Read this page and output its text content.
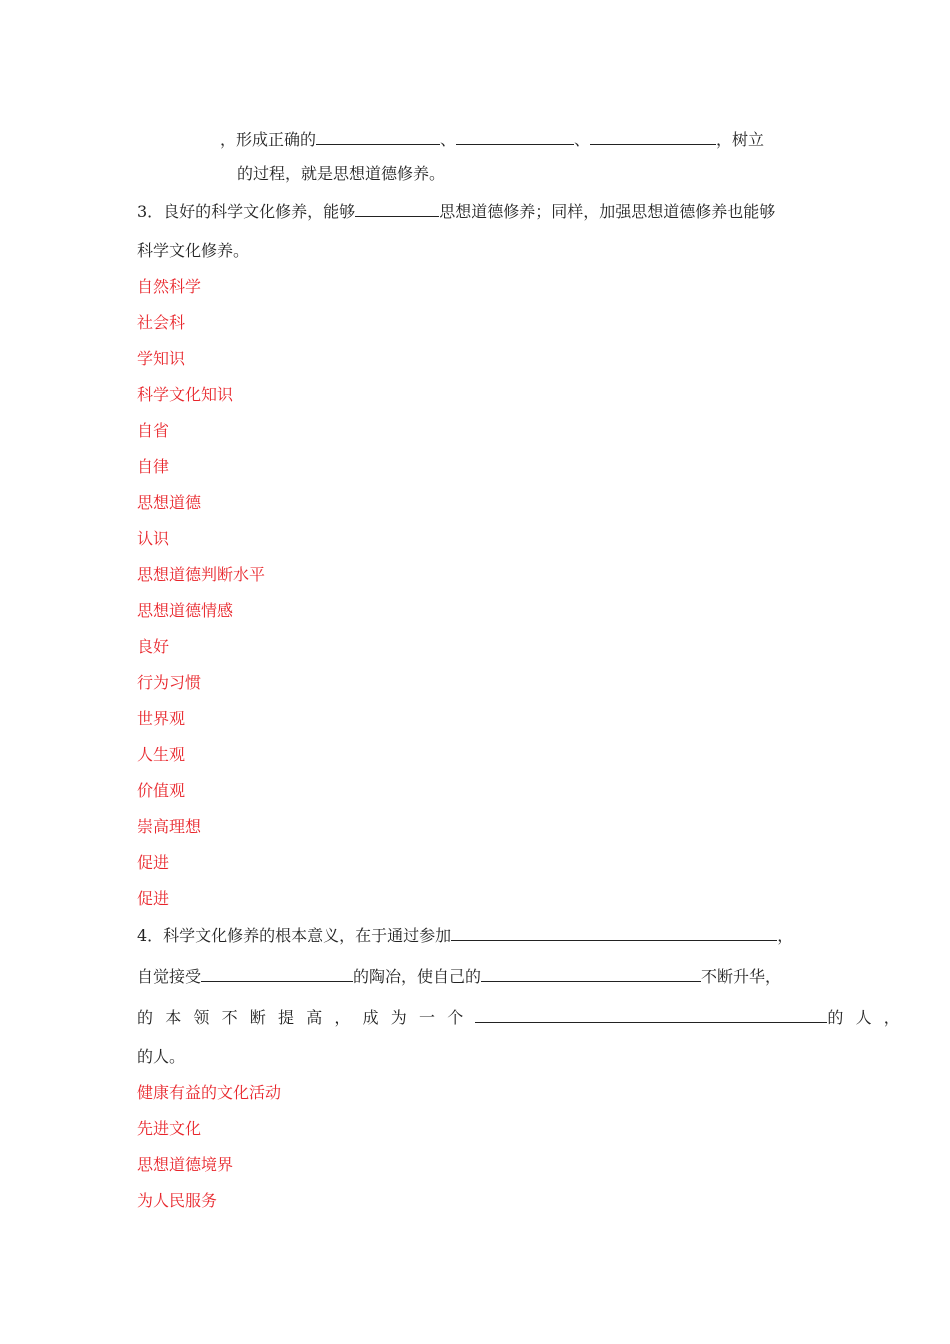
，形成正确的	、	、	，树立
的过程，就是思想道德修养。
3．良好的科学文化修养，能够	思想道德修养；同样，加强思想道德修养也能够
科学文化修养。
自然科学
社会科
学知识
科学文化知识
自省
自律
思想道德
认识
思想道德判断水平
思想道德情感
良好
行为习惯
世界观
人生观
价值观
崇高理想
促进
促进
4．科学文化修养的根本意义，在于通过参加	，
自觉接受	的陶冶，使自己的	不断升华，
的本领不断提高，成为一个	的人，
的人。
健康有益的文化活动
先进文化
思想道德境界
为人民服务
